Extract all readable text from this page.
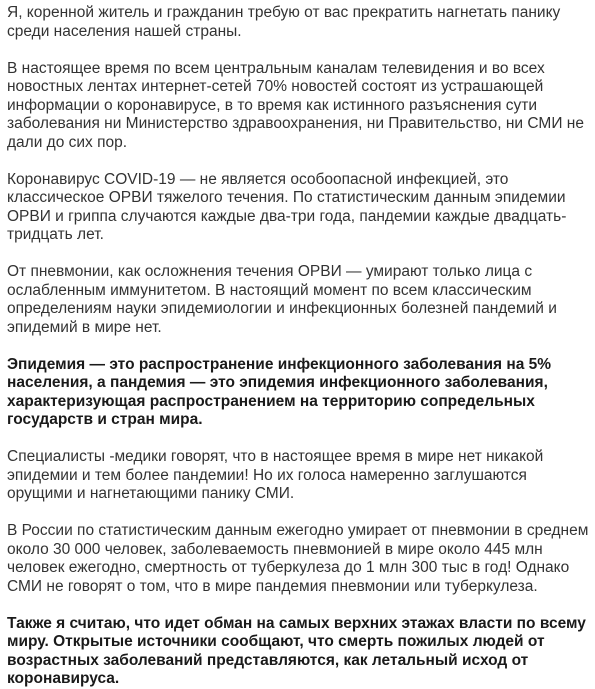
Я, коренной житель и гражданин требую от вас прекратить нагнетать панику среди населения нашей страны.

В настоящее время по всем центральным каналам телевидения и во всех новостных лентах интернет-сетей 70% новостей состоят из устрашающей информации о коронавирусе, в то время как истинного разъяснения сути заболевания ни Министерство здравоохранения, ни Правительство, ни СМИ не дали до сих пор.

Коронавирус COVID-19 — не является особоопасной инфекцией, это классическое ОРВИ тяжелого течения. По статистическим данным эпидемии ОРВИ и гриппа случаются каждые два-три года, пандемии каждые двадцать-тридцать лет.

От пневмонии, как осложнения течения ОРВИ — умирают только лица с ослабленным иммунитетом. В настоящий момент по всем классическим определениям науки эпидемиологии и инфекционных болезней пандемий и эпидемий в мире нет.

Эпидемия — это распространение инфекционного заболевания на 5% населения, а пандемия — это эпидемия инфекционного заболевания, характеризующая распространением на территорию сопредельных государств и стран мира.

Специалисты -медики говорят, что в настоящее время в мире нет никакой эпидемии и тем более пандемии! Но их голоса намеренно заглушаются орущими и нагнетающими панику СМИ.

В России по статистическим данным ежегодно умирает от пневмонии в среднем около 30 000 человек, заболеваемость пневмонией в мире около 445 млн человек ежегодно, смертность от туберкулеза до 1 млн 300 тыс в год! Однако СМИ не говорят о том, что в мире пандемия пневмонии или туберкулеза.

Также я считаю, что идет обман на самых верхних этажах власти по всему миру. Открытые источники сообщают, что смерть пожилых людей от возрастных заболеваний представляются, как летальный исход от коронавируса.
